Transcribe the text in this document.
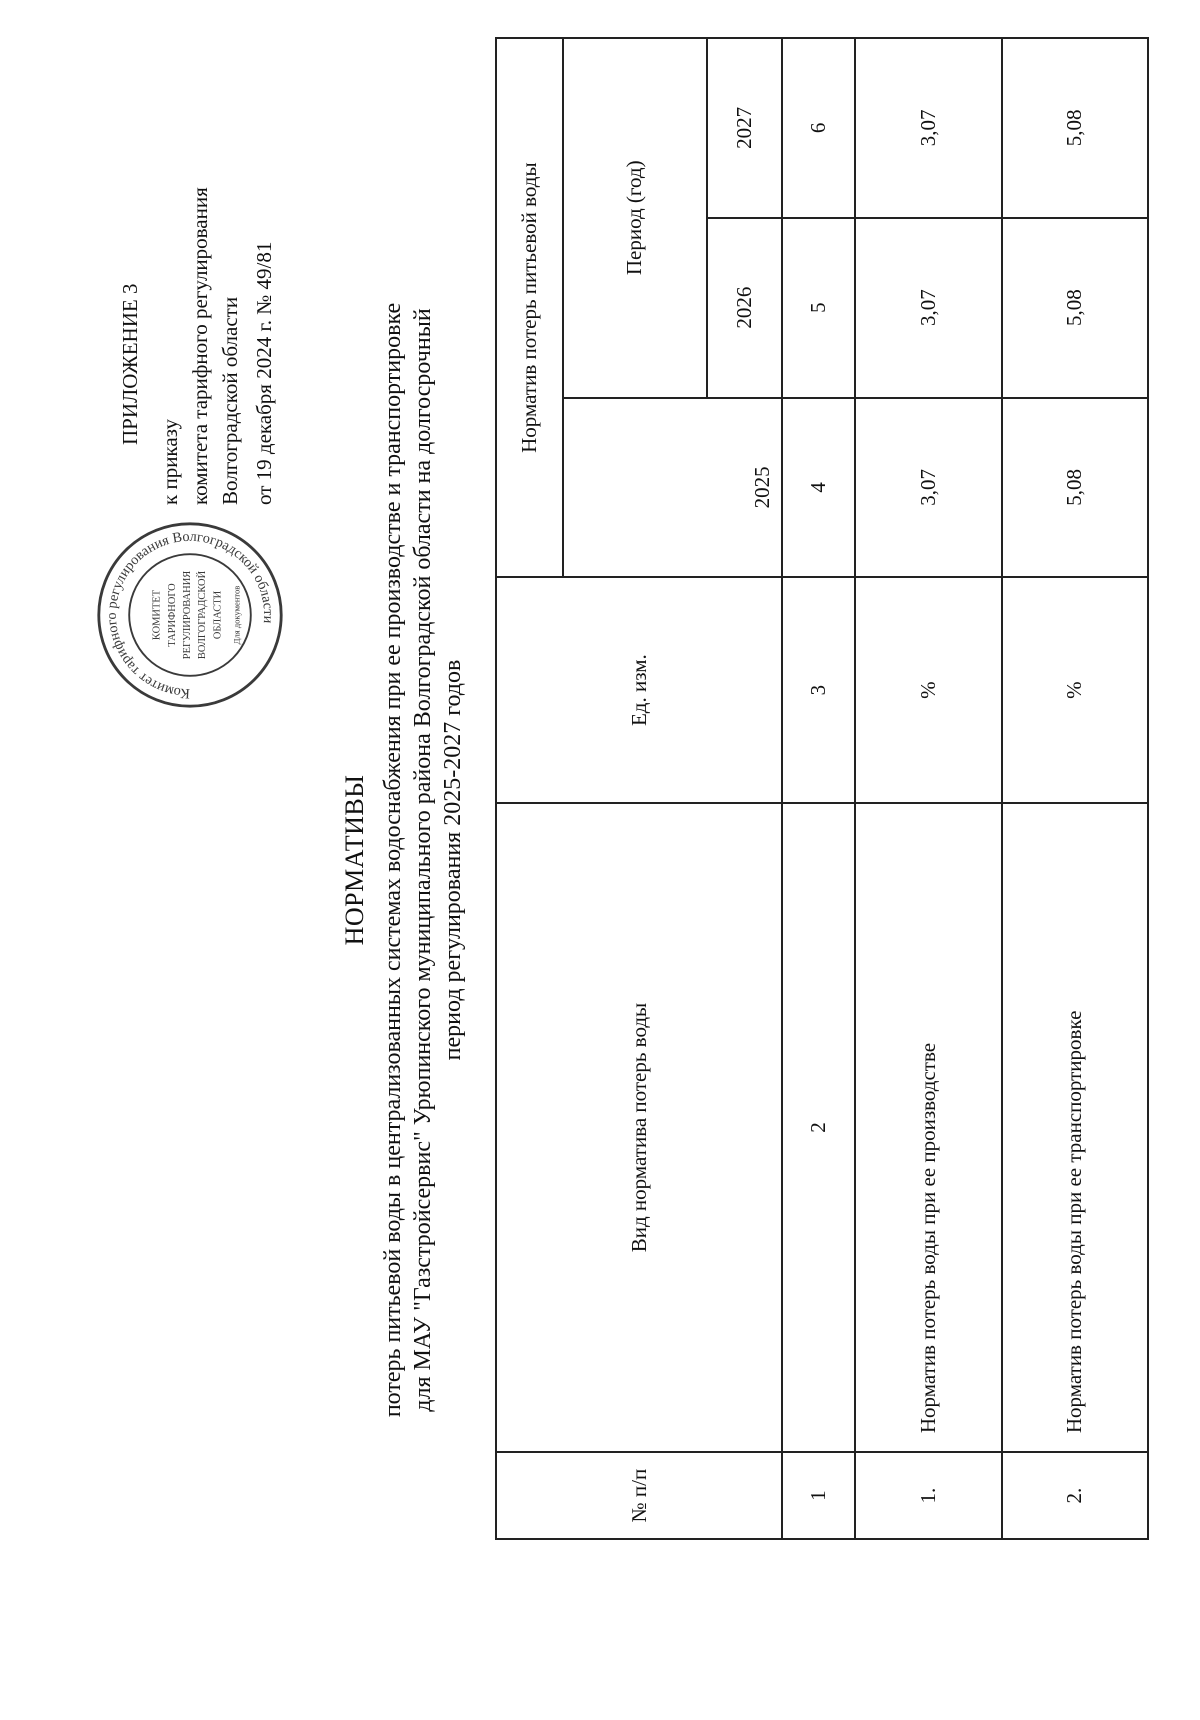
Комитет тарифного регулирования Волгоградской области
КОМИТЕТ ТАРИФНОГО РЕГУЛИРОВАНИЯ ВОЛГОГРАДСКОЙ ОБЛАСТИ Для документов
ПРИЛОЖЕНИЕ 3
к приказу комитета тарифного регулирования Волгоградской области от 19 декабря 2024 г. № 49/81
НОРМАТИВЫ потерь питьевой воды в централизованных системах водоснабжения при ее производстве и транспортировке для МАУ "Газстройсервис" Урюпинского муниципального района Волгоградской области на долгосрочный период регулирования 2025-2027 годов
№ п/п	Вид норматива потерь воды	Ед. изм.	Норматив потерь питьевой воды		
			2025	Период (год)	
				2026	2027
1	2	3	4	5	6
1.	Норматив потерь воды при ее производстве	%	3,07	3,07	3,07
2.	Норматив потерь воды при ее транспортировке	%	5,08	5,08	5,08
